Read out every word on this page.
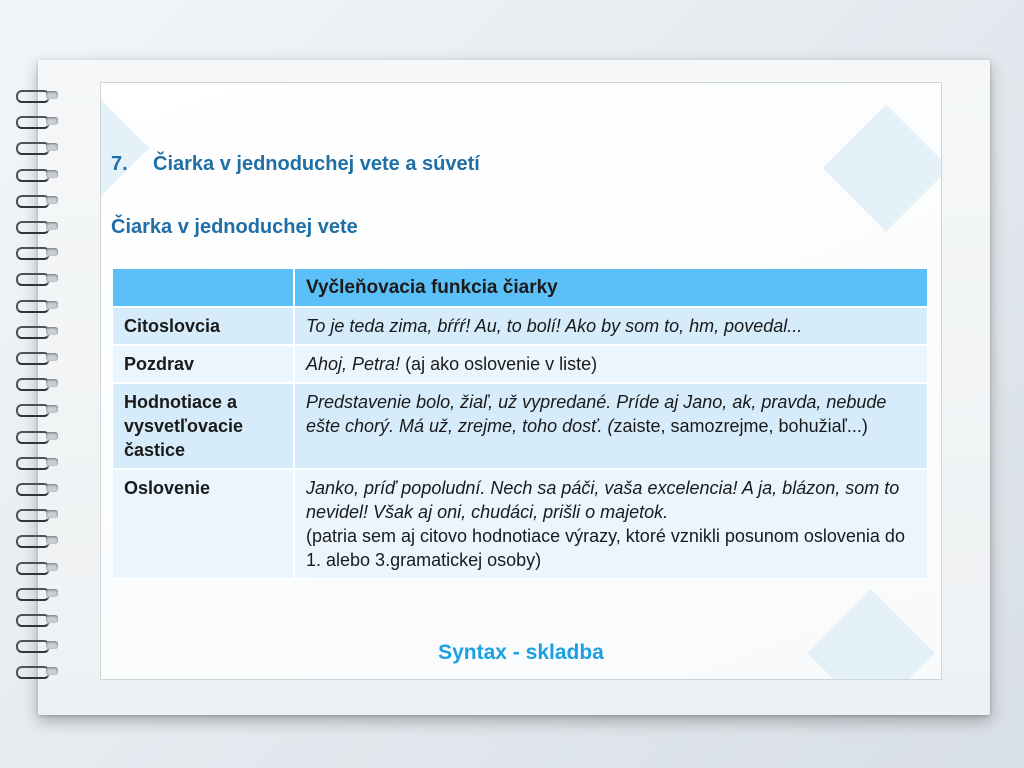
7. Čiarka v jednoduchej vete a súvetí
Čiarka v jednoduchej vete
	Vyčleňovacia funkcia čiarky
Citoslovcia	To je teda zima, bŕŕŕ! Au, to bolí! Ako by som to, hm, povedal...
Pozdrav	Ahoj, Petra! (aj ako oslovenie v liste)
Hodnotiace a vysvetľovacie častice	Predstavenie bolo, žiaľ, už vypredané. Príde aj Jano, ak, pravda, nebude ešte chorý. Má už, zrejme, toho dosť. (zaiste, samozrejme, bohužiaľ...)
Oslovenie	Janko, príď popoludní. Nech sa páči, vaša excelencia! A ja, blázon, som to nevidel! Však aj oni, chudáci, prišli o majetok.
(patria sem aj citovo hodnotiace výrazy, ktoré vznikli posunom oslovenia do 1. alebo 3.gramatickej osoby)
Syntax - skladba
